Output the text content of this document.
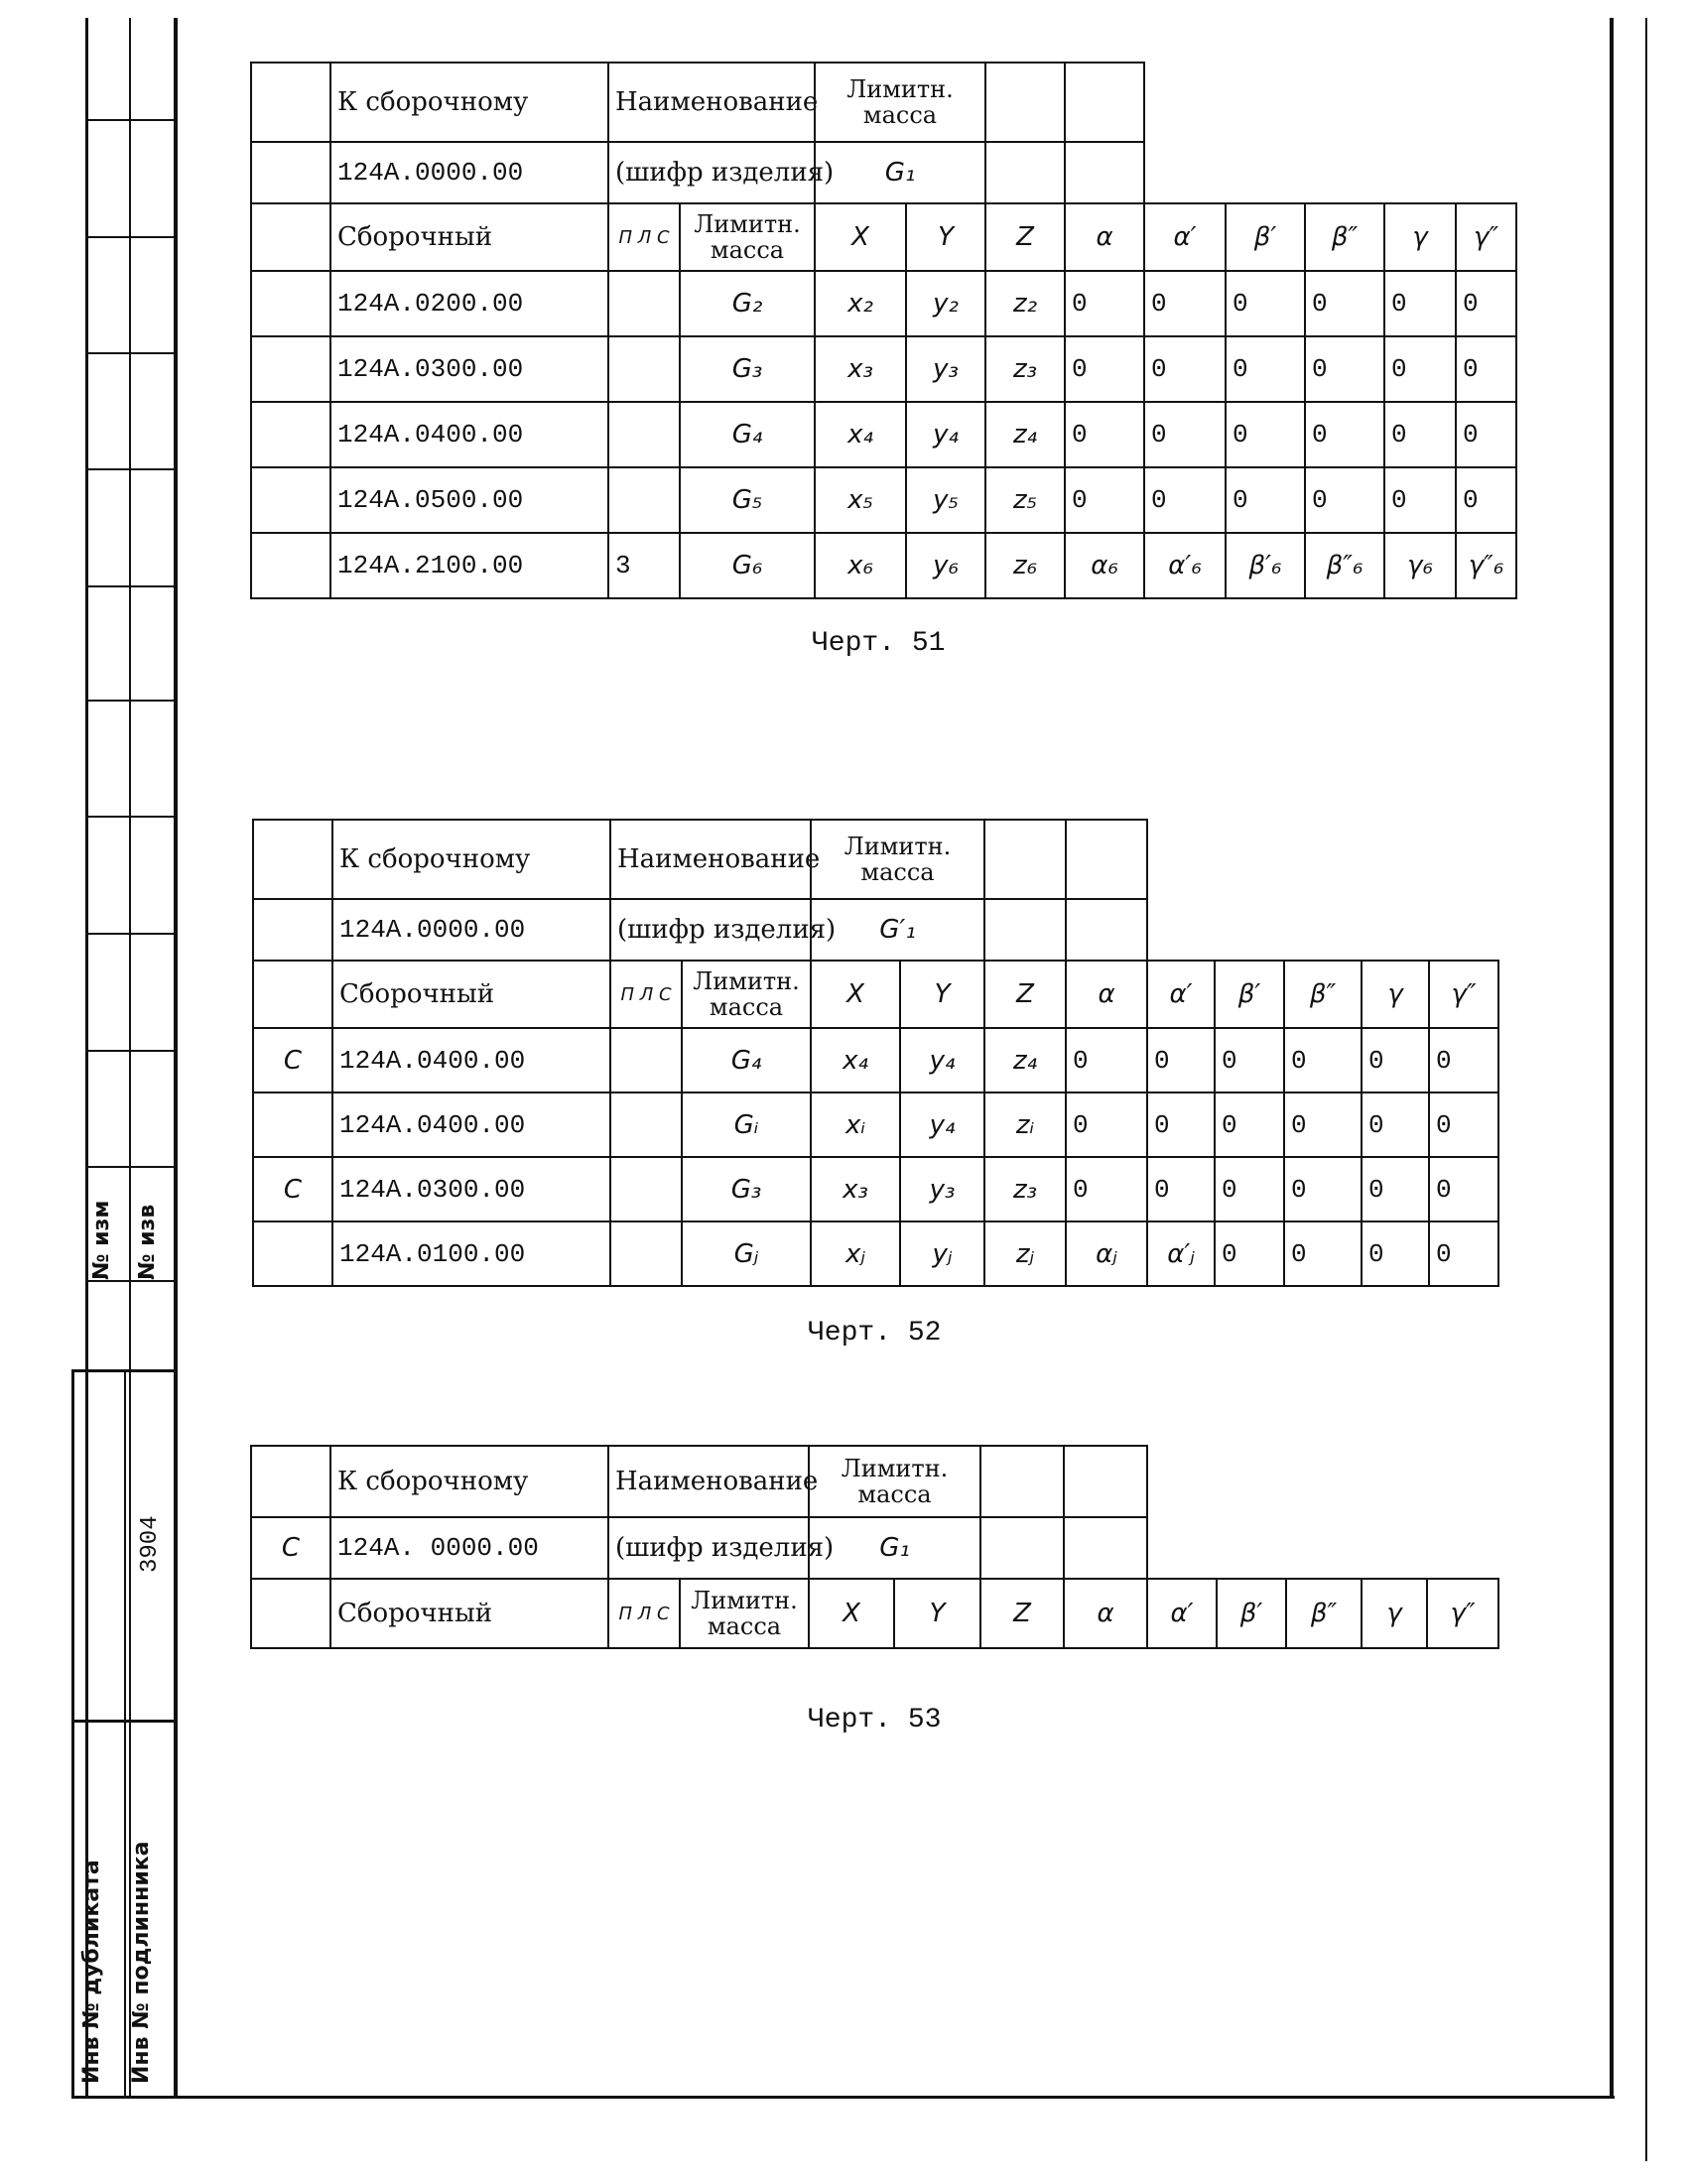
№ изм № изв
3904
Инв № дубликата Инв № подлинника
	К сборочному	Наименование		Лимитн. масса								
	124A.0000.00	(шифр изделия)		G₁								
	Сборочный	П Л С	Лимитн. масса	X	Y	Z	α	α′	β′	β″	γ	γ″
	124A.0200.00		G₂	x₂	y₂	z₂	0	0	0	0	0	0
	124A.0300.00		G₃	x₃	y₃	z₃	0	0	0	0	0	0
	124A.0400.00		G₄	x₄	y₄	z₄	0	0	0	0	0	0
	124A.0500.00		G₅	x₅	y₅	z₅	0	0	0	0	0	0
	124A.2100.00	3	G₆	x₆	y₆	z₆	α₆	α′₆	β′₆	β″₆	γ₆	γ″₆
Черт. 51
	К сборочному	Наименование		Лимитн. масса								
	124A.0000.00	(шифр изделия)		G′₁								
	Сборочный	П Л С	Лимитн. масса	X	Y	Z	α	α′	β′	β″	γ	γ″
C	124A.0400.00		G₄	x₄	y₄	z₄	0	0	0	0	0	0
	124A.0400.00		Gᵢ	xᵢ	y₄	zᵢ	0	0	0	0	0	0
C	124A.0300.00		G₃	x₃	y₃	z₃	0	0	0	0	0	0
	124A.0100.00		Gⱼ	xⱼ	yⱼ	zⱼ	αⱼ	α′ⱼ	0	0	0	0
Черт. 52
	К сборочному	Наименование		Лимитн. масса								
C	124A. 0000.00	(шифр изделия)		G₁								
	Сборочный	П Л С	Лимитн. масса	X	Y	Z	α	α′	β′	β″	γ	γ″
Черт. 53
